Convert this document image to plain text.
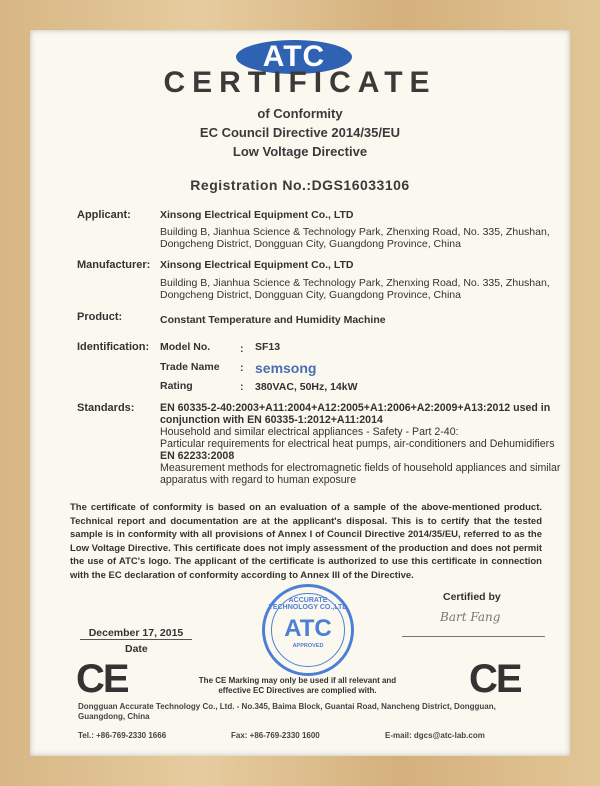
ATC
CERTIFICATE
of Conformity
EC Council Directive 2014/35/EU
Low Voltage Directive
Registration No.:DGS16033106
Applicant:	Xinsong Electrical Equipment Co., LTD
Building B, Jianhua Science & Technology Park, Zhenxing Road, No. 335, Zhushan,
Dongcheng District, Dongguan City, Guangdong Province, China
Manufacturer: Xinsong Electrical Equipment Co., LTD
Building B, Jianhua Science & Technology Park, Zhenxing Road, No. 335, Zhushan,
Dongcheng District, Dongguan City, Guangdong Province, China
Product:	Constant Temperature and Humidity Machine
Identification: Model No.	: SF13
Trade Name : semsong
Rating	: 380VAC, 50Hz, 14kW
Standards: EN 60335-2-40:2003+A11:2004+A12:2005+A1:2006+A2:2009+A13:2012 used in
conjunction with EN 60335-1:2012+A11:2014
Household and similar electrical appliances - Safety - Part 2-40:
Particular requirements for electrical heat pumps, air-conditioners and Dehumidifiers
EN 62233:2008
Measurement methods for electromagnetic fields of household appliances and similar
apparatus with regard to human exposure
The certificate of conformity is based on an evaluation of a sample of the above-mentioned product. Technical report and documentation are at the applicant's disposal. This is to certify that the tested sample is in conformity with all provisions of Annex I of Council Directive 2014/35/EU, referred to as the Low Voltage Directive. This certificate does not imply assessment of the production and does not permit the use of ATC's logo. The applicant of the certificate is authorized to use this certificate in connection with the EC declaration of conformity according to Annex III of the Directive.
December 17, 2015
Date
ACCURATE TECHNOLOGY CO.,LTD
ATC
APPROVED
Certified by
Bart Fang
CE	CE
The CE Marking may only be used if all relevant and
effective EC Directives are complied with.
Dongguan Accurate Technology Co., Ltd. - No.345, Baima Block, Guantai Road, Nancheng District, Dongguan,
Guangdong, China
Tel.: +86-769-2330 1666	Fax: +86-769-2330 1600	E-mail: dgcs@atc-lab.com
